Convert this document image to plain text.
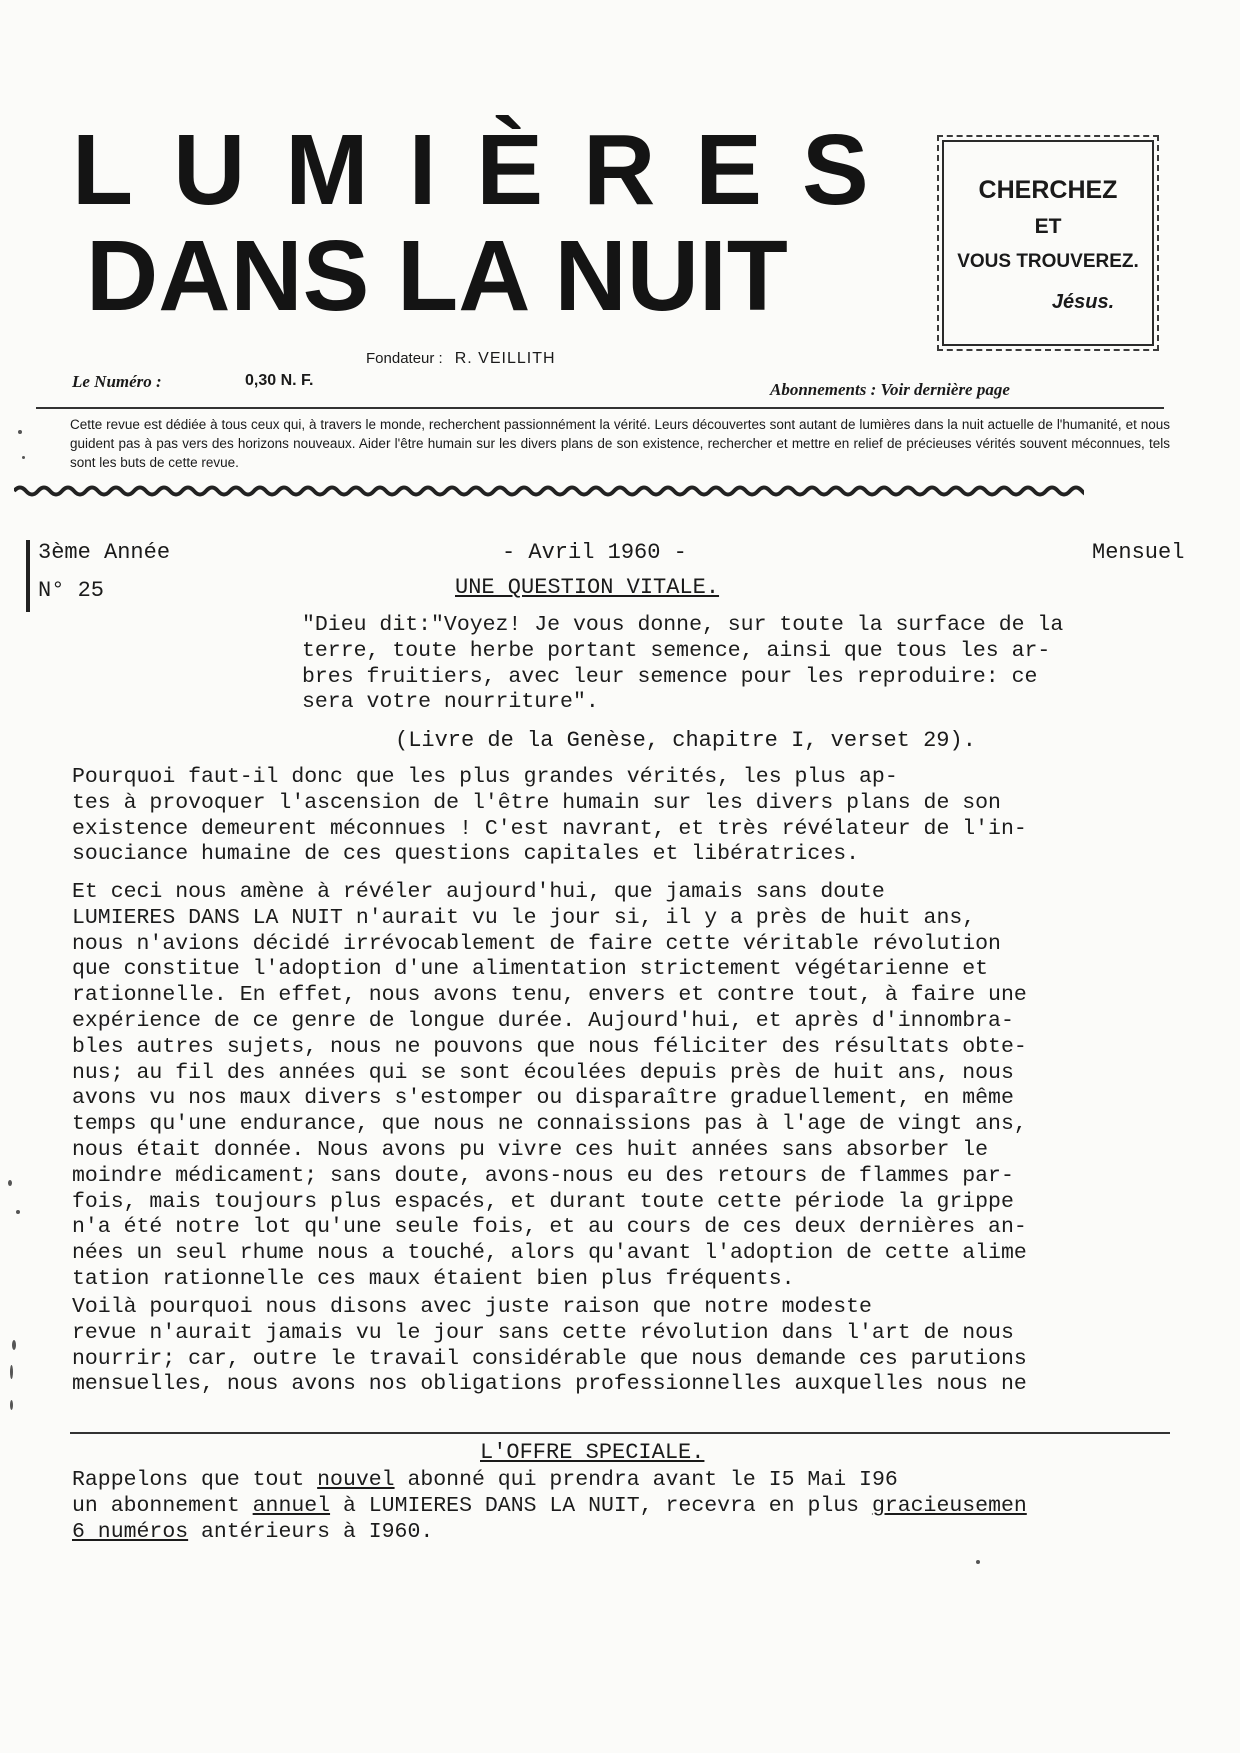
LUMIÈRES
DANS LA NUIT
CHERCHEZ
ET
VOUS TROUVEREZ.
Jésus.
Fondateur : R. VEILLITH
Le Numéro :	0,30 N. F.	Abonnements : Voir dernière page
Cette revue est dédiée à tous ceux qui, à travers le monde, recherchent passionnément la vérité. Leurs découvertes sont autant de lumières dans la nuit actuelle de l'humanité, et nous guident pas à pas vers des horizons nouveaux. Aider l'être humain sur les divers plans de son existence, rechercher et mettre en relief de précieuses vérités souvent méconnues, tels sont les buts de cette revue.
3ème Année
N° 25
- Avril 1960 -	Mensuel
UNE QUESTION VITALE.
"Dieu dit:"Voyez! Je vous donne, sur toute la surface de la
terre, toute herbe portant semence, ainsi que tous les ar-
bres fruitiers, avec leur semence pour les reproduire: ce
sera votre nourriture".
(Livre de la Genèse, chapitre I, verset 29).
Pourquoi faut-il donc que les plus grandes vérités, les plus ap-
tes à provoquer l'ascension de l'être humain sur les divers plans de son
existence demeurent méconnues ! C'est navrant, et très révélateur de l'in-
souciance humaine de ces questions capitales et libératrices.
Et ceci nous amène à révéler aujourd'hui, que jamais sans doute
LUMIERES DANS LA NUIT n'aurait vu le jour si, il y a près de huit ans,
nous n'avions décidé irrévocablement de faire cette véritable révolution
que constitue l'adoption d'une alimentation strictement végétarienne et
rationnelle. En effet, nous avons tenu, envers et contre tout, à faire une
expérience de ce genre de longue durée. Aujourd'hui, et après d'innombra-
bles autres sujets, nous ne pouvons que nous féliciter des résultats obte-
nus; au fil des années qui se sont écoulées depuis près de huit ans, nous
avons vu nos maux divers s'estomper ou disparaître graduellement, en même
temps qu'une endurance, que nous ne connaissions pas à l'age de vingt ans,
nous était donnée. Nous avons pu vivre ces huit années sans absorber le
moindre médicament; sans doute, avons-nous eu des retours de flammes par-
fois, mais toujours plus espacés, et durant toute cette période la grippe
n'a été notre lot qu'une seule fois, et au cours de ces deux dernières an-
nées un seul rhume nous a touché, alors qu'avant l'adoption de cette alime
tation rationnelle ces maux étaient bien plus fréquents.
Voilà pourquoi nous disons avec juste raison que notre modeste
revue n'aurait jamais vu le jour sans cette révolution dans l'art de nous
nourrir; car, outre le travail considérable que nous demande ces parutions
mensuelles, nous avons nos obligations professionnelles auxquelles nous ne
L'OFFRE SPECIALE.
Rappelons que tout nouvel abonné qui prendra avant le I5 Mai I96
un abonnement annuel à LUMIERES DANS LA NUIT, recevra en plus gracieusemen
6 numéros antérieurs à I960.
